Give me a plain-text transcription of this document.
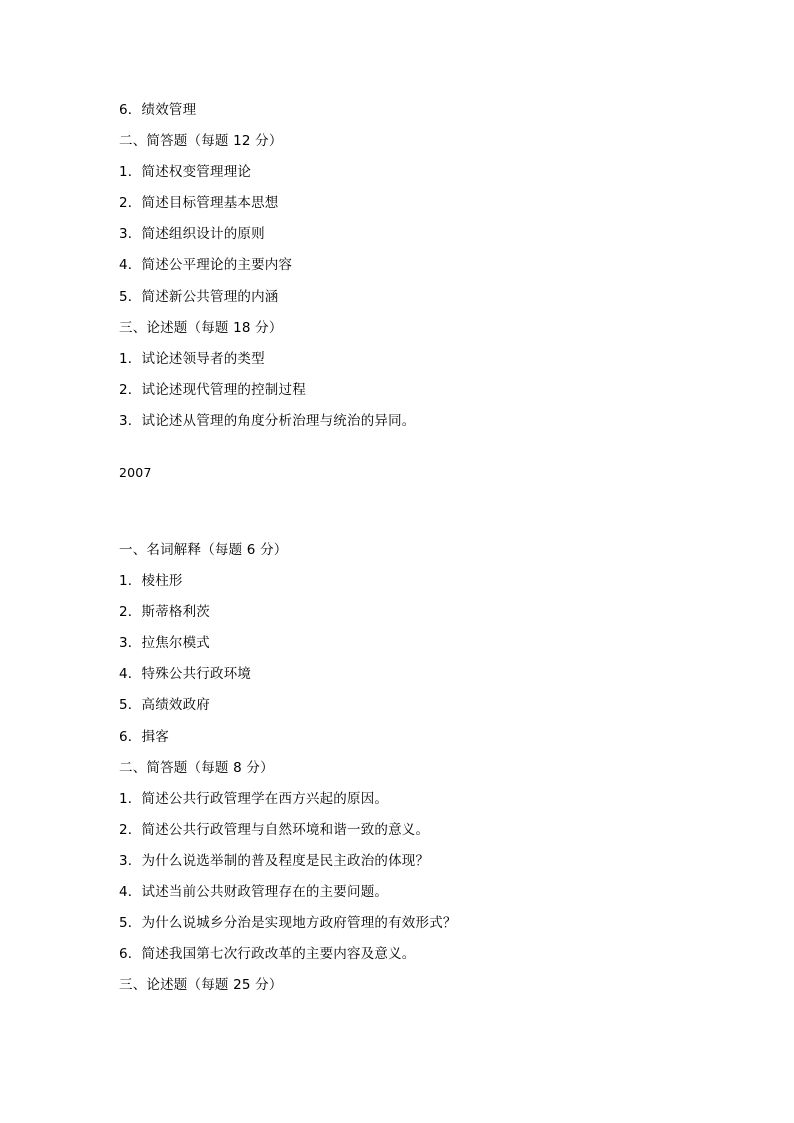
6．绩效管理

二、简答题（每题 12 分）

1．简述权变管理理论

2．简述目标管理基本思想

3．简述组织设计的原则

4．简述公平理论的主要内容

5．简述新公共管理的内涵

三、论述题（每题 18 分）

1．试论述领导者的类型

2．试论述现代管理的控制过程

3．试论述从管理的角度分析治理与统治的异同。

2007

一、名词解释（每题 6 分）

1．棱柱形

2．斯蒂格利茨

3．拉焦尔模式

4．特殊公共行政环境

5．高绩效政府

6．揖客

二、简答题（每题 8 分）

1．简述公共行政管理学在西方兴起的原因。

2．简述公共行政管理与自然环境和谐一致的意义。

3．为什么说选举制的普及程度是民主政治的体现？

4．试述当前公共财政管理存在的主要问题。

5．为什么说城乡分治是实现地方政府管理的有效形式？

6．简述我国第七次行政改革的主要内容及意义。

三、论述题（每题 25 分）
